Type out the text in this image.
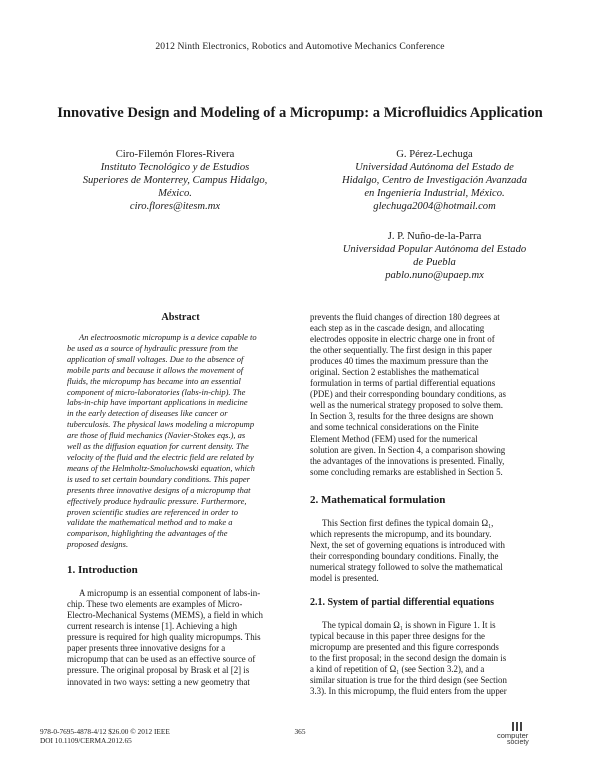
2012 Ninth Electronics, Robotics and Automotive Mechanics Conference
Innovative Design and Modeling of a Micropump: a Microfluidics Application
Ciro-Filemón Flores-Rivera
Instituto Tecnológico y de Estudios
Superiores de Monterrey, Campus Hidalgo,
México.
ciro.flores@itesm.mx
G. Pérez-Lechuga
Universidad Autónoma del Estado de
Hidalgo, Centro de Investigación Avanzada
en Ingeniería Industrial, México.
glechuga2004@hotmail.com
J. P. Nuño-de-la-Parra
Universidad Popular Autónoma del Estado
de Puebla
pablo.nuno@upaep.mx
Abstract
An electroosmotic micropump is a device capable to
be used as a source of hydraulic pressure from the
application of small voltages. Due to the absence of
mobile parts and because it allows the movement of
fluids, the micropump has became into an essential
component of micro-laboratories (labs-in-chip). The
labs-in-chip have important applications in medicine
in the early detection of diseases like cancer or
tuberculosis. The physical laws modeling a micropump
are those of fluid mechanics (Navier-Stokes eqs.), as
well as the diffusion equation for current density. The
velocity of the fluid and the electric field are related by
means of the Helmholtz-Smoluchowski equation, which
is used to set certain boundary conditions. This paper
presents three innovative designs of a micropump that
effectively produce hydraulic pressure. Furthermore,
proven scientific studies are referenced in order to
validate the mathematical method and to make a
comparison, highlighting the advantages of the
proposed designs.
1. Introduction
A micropump is an essential component of labs-in-
chip. These two elements are examples of Micro-
Electro-Mechanical Systems (MEMS), a field in which
current research is intense [1]. Achieving a high
pressure is required for high quality micropumps. This
paper presents three innovative designs for a
micropump that can be used as an effective source of
pressure. The original proposal by Brask et al [2] is
innovated in two ways: setting a new geometry that
prevents the fluid changes of direction 180 degrees at
each step as in the cascade design, and allocating
electrodes opposite in electric charge one in front of
the other sequentially. The first design in this paper
produces 40 times the maximum pressure than the
original. Section 2 establishes the mathematical
formulation in terms of partial differential equations
(PDE) and their corresponding boundary conditions, as
well as the numerical strategy proposed to solve them.
In Section 3, results for the three designs are shown
and some technical considerations on the Finite
Element Method (FEM) used for the numerical
solution are given. In Section 4, a comparison showing
the advantages of the innovations is presented. Finally,
some concluding remarks are established in Section 5.
2. Mathematical formulation
This Section first defines the typical domain Ω₁,
which represents the micropump, and its boundary.
Next, the set of governing equations is introduced with
their corresponding boundary conditions. Finally, the
numerical strategy followed to solve the mathematical
model is presented.
2.1. System of partial differential equations
The typical domain Ω₁ is shown in Figure 1. It is
typical because in this paper three designs for the
micropump are presented and this figure corresponds
to the first proposal; in the second design the domain is
a kind of repetition of Ω₁ (see Section 3.2), and a
similar situation is true for the third design (see Section
3.3). In this micropump, the fluid enters from the upper
978-0-7695-4878-4/12 $26.00 © 2012 IEEE
DOI 10.1109/CERMA.2012.65
365	computer
society
